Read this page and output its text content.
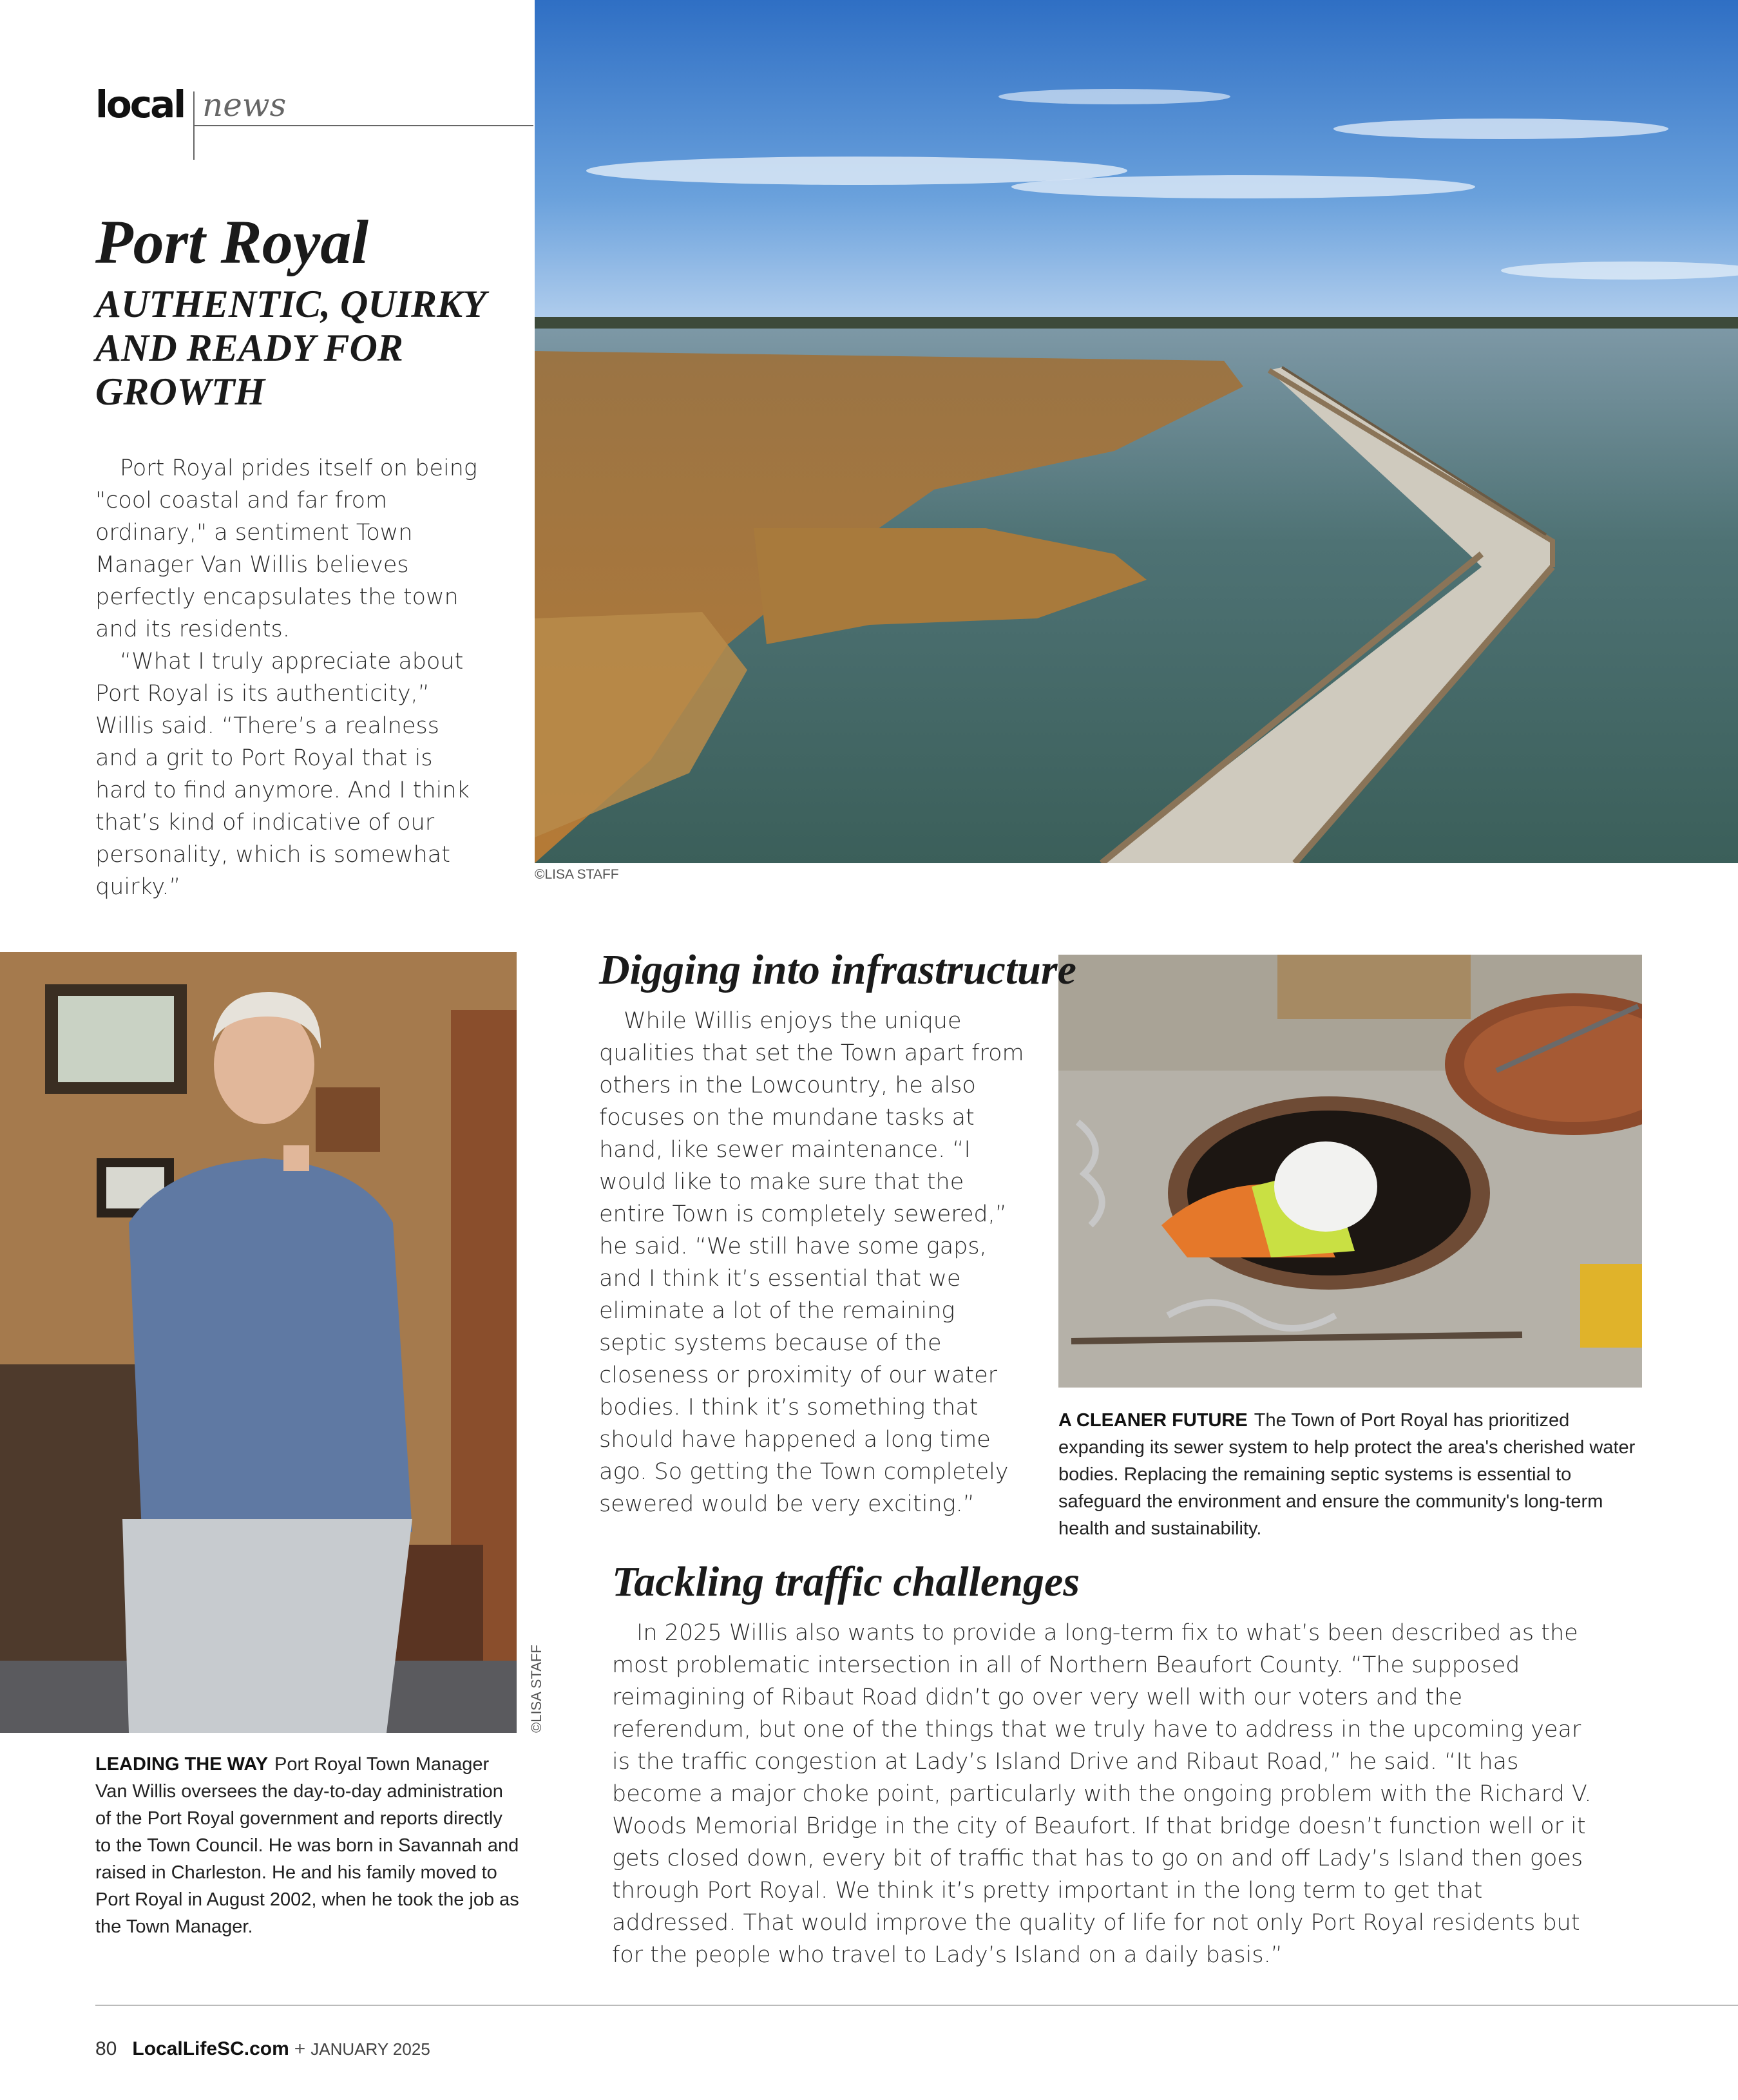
local news
Port Royal
AUTHENTIC, QUIRKY AND READY FOR GROWTH

Port Royal prides itself on being "cool coastal and far from ordinary," a sentiment Town Manager Van Willis believes perfectly encapsulates the town and its residents.

“What I truly appreciate about Port Royal is its authenticity,” Willis said. “There’s a realness and a grit to Port Royal that is hard to find anymore. And I think that’s kind of indicative of our personality, which is somewhat quirky.”	©LISA STAFF
©LISA STAFF
Digging into infrastructure

While Willis enjoys the unique qualities that set the Town apart from others in the Lowcountry, he also focuses on the mundane tasks at hand, like sewer maintenance. “I would like to make sure that the entire Town is completely sewered,” he said. “We still have some gaps, and I think it’s essential that we eliminate a lot of the remaining septic systems because of the closeness or proximity of our water bodies. I think it’s something that should have happened a long time ago. So getting the Town completely sewered would be very exciting.”

A CLEANER FUTURE The Town of Port Royal has prioritized expanding its sewer system to help protect the area's cherished water bodies. Replacing the remaining septic systems is essential to safeguard the environment and ensure the community's long-term health and sustainability.
LEADING THE WAY Port Royal Town Manager Van Willis oversees the day-to-day administration of the Port Royal government and reports directly to the Town Council. He was born in Savannah and raised in Charleston. He and his family moved to Port Royal in August 2002, when he took the job as the Town Manager.
Tackling traffic challenges

In 2025 Willis also wants to provide a long-term fix to what’s been described as the most problematic intersection in all of Northern Beaufort County. “The supposed reimagining of Ribaut Road didn’t go over very well with our voters and the referendum, but one of the things that we truly have to address in the upcoming year is the traffic congestion at Lady’s Island Drive and Ribaut Road,” he said. “It has become a major choke point, particularly with the ongoing problem with the Richard V. Woods Memorial Bridge in the city of Beaufort. If that bridge doesn’t function well or it gets closed down, every bit of traffic that has to go on and off Lady’s Island then goes through Port Royal. We think it’s pretty important in the long term to get that addressed. That would improve the quality of life for not only Port Royal residents but for the people who travel to Lady’s Island on a daily basis.”

80 LocalLifeSC.com + JANUARY 2025
